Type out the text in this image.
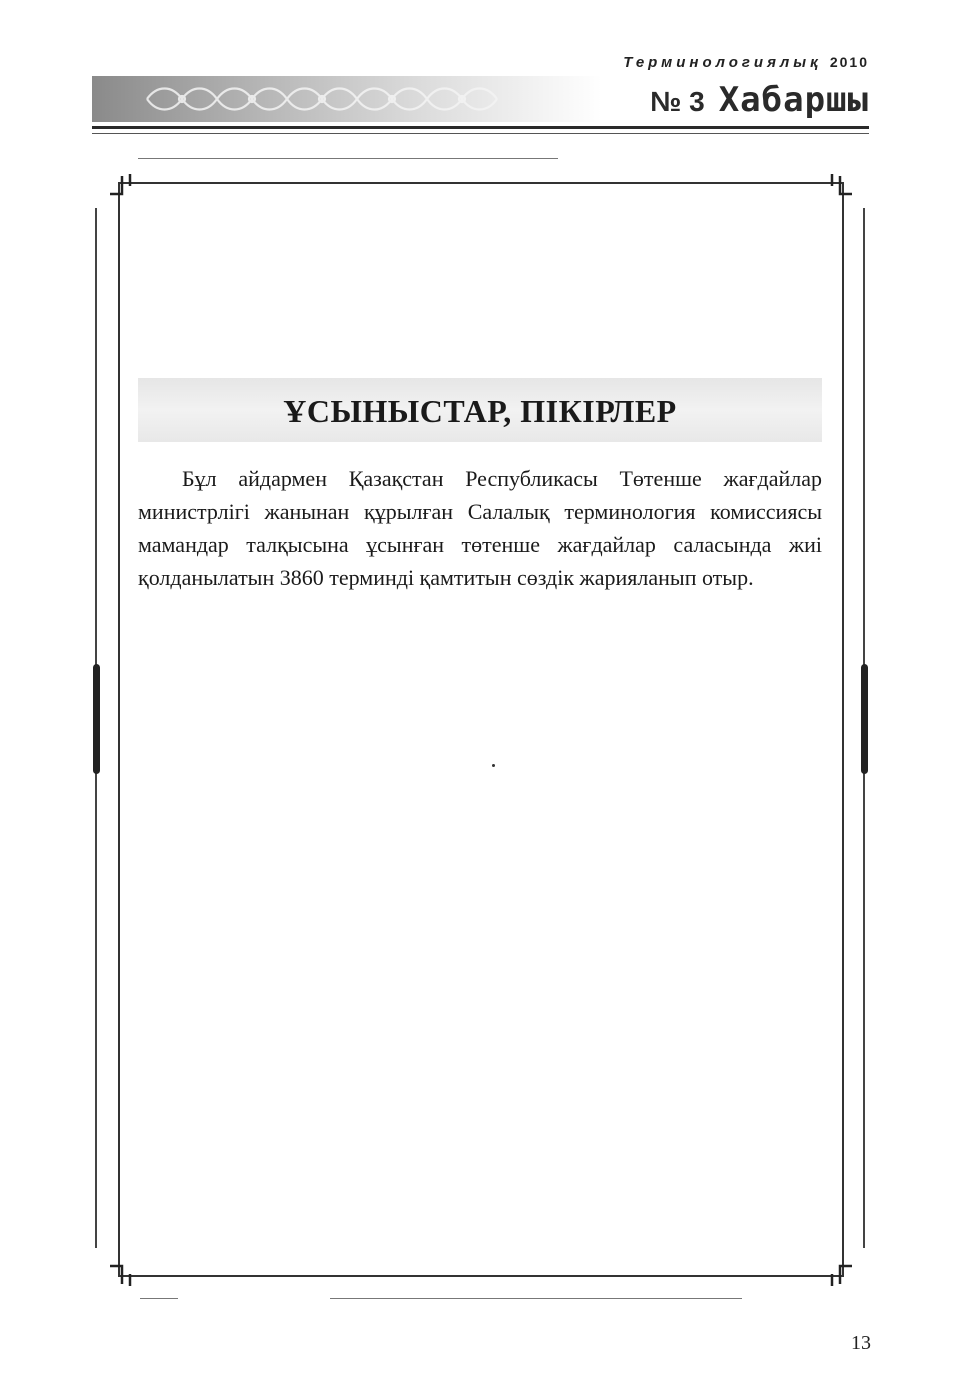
Терминологиялық 2010
№ 3 Хабаршы
ҰСЫНЫСТАР, ПІКІРЛЕР

Бұл айдармен Қазақстан Республикасы Төтенше жағдайлар министрлігі жанынан құрылған Салалық терминология комиссиясы мамандар талқысына ұсынған төтенше жағдайлар саласында жиі қолданылатын 3860 терминді қамтитын сөздік жарияланып отыр.

13
